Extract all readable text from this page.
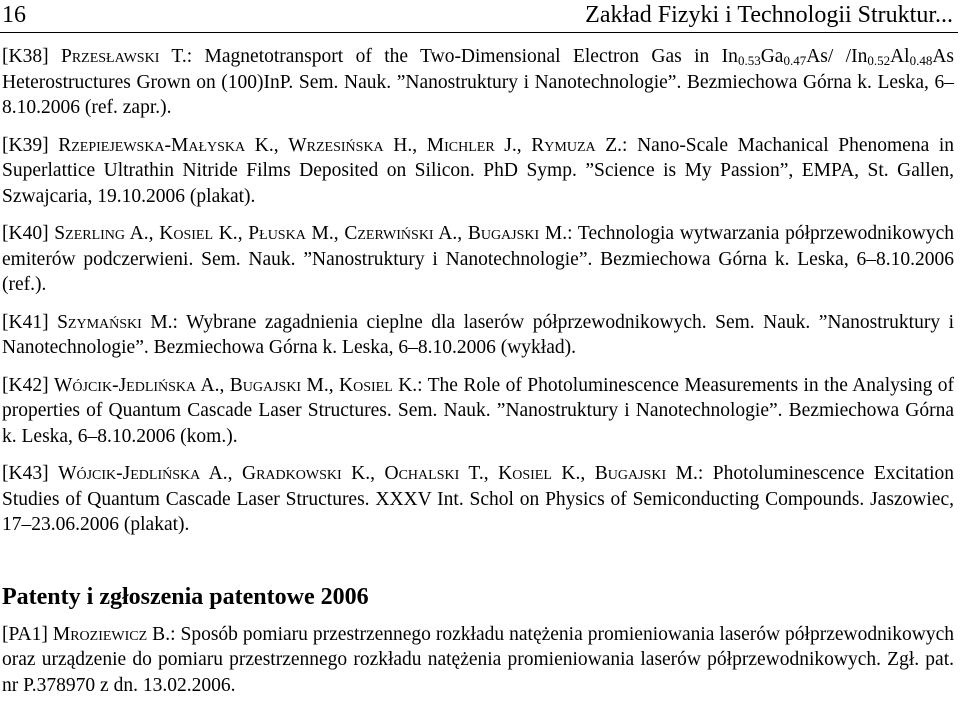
16	Zakład Fizyki i Technologii Struktur...

[K38] Przesławski T.: Magnetotransport of the Two-Dimensional Electron Gas in $In_{0.53}Ga_{0.47}As/$ $/In_{0.52}Al_{0.48}As$ Heterostructures Grown on (100)InP. Sem. Nauk. ”Nanostruktury i Nanotechnologie”. Bezmiechowa Górna k. Leska, 6–8.10.2006 (ref. zapr.).

[K39] Rzepiejewska-Małyska K., Wrzesińska H., Michler J., Rymuza Z.: Nano-Scale Machanical Phenomena in Superlattice Ultrathin Nitride Films Deposited on Silicon. PhD Symp. ”Science is My Passion”, EMPA, St. Gallen, Szwajcaria, 19.10.2006 (plakat).

[K40] Szerling A., Kosiel K., Płuska M., Czerwiński A., Bugajski M.: Technologia wytwarzania półprzewodnikowych emiterów podczerwieni. Sem. Nauk. ”Nanostruktury i Nanotechnologie”. Bezmiechowa Górna k. Leska, 6–8.10.2006 (ref.).

[K41] Szymański M.: Wybrane zagadnienia cieplne dla laserów półprzewodnikowych. Sem. Nauk. ”Nanostruktury i Nanotechnologie”. Bezmiechowa Górna k. Leska, 6–8.10.2006 (wykład).

[K42] Wójcik-Jedlińska A., Bugajski M., Kosiel K.: The Role of Photoluminescence Measurements in the Analysing of properties of Quantum Cascade Laser Structures. Sem. Nauk. ”Nanostruktury i Nanotechnologie”. Bezmiechowa Górna k. Leska, 6–8.10.2006 (kom.).

[K43] Wójcik-Jedlińska A., Gradkowski K., Ochalski T., Kosiel K., Bugajski M.: Photoluminescence Excitation Studies of Quantum Cascade Laser Structures. XXXV Int. Schol on Physics of Semiconducting Compounds. Jaszowiec, 17–23.06.2006 (plakat).

Patenty i zgłoszenia patentowe 2006

[PA1] Mroziewicz B.: Sposób pomiaru przestrzennego rozkładu natężenia promieniowania laserów półprzewodnikowych oraz urządzenie do pomiaru przestrzennego rozkładu natężenia promieniowania laserów półprzewodnikowych. Zgł. pat. nr P.378970 z dn. 13.02.2006.
